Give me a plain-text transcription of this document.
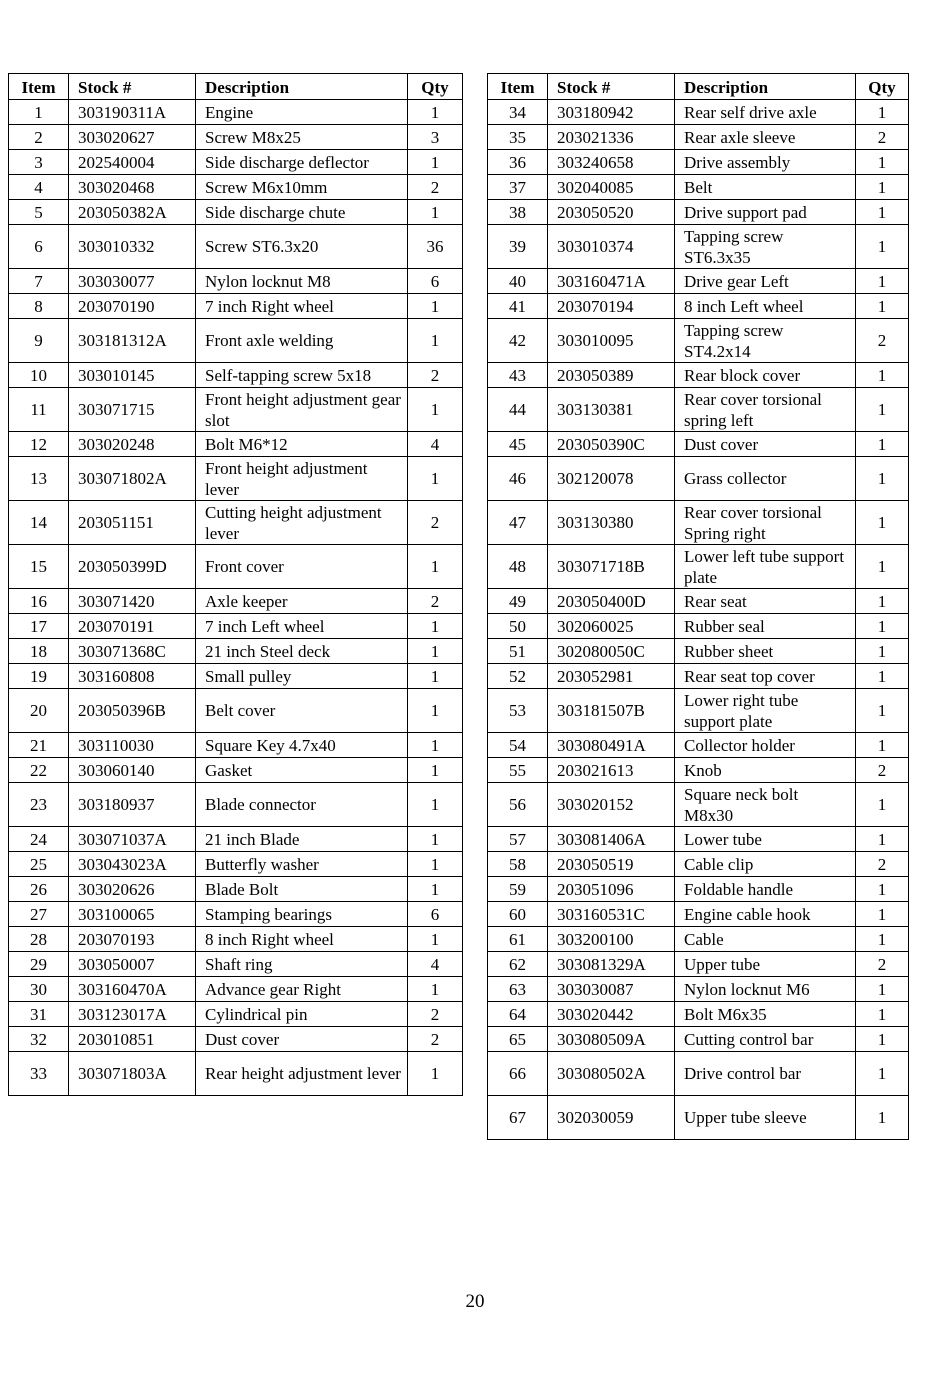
Item	Stock #	Description	Qty
1	303190311A	Engine	1
2	303020627	Screw M8x25	3
3	202540004	Side discharge deflector	1
4	303020468	Screw M6x10mm	2
5	203050382A	Side discharge chute	1
6	303010332	Screw ST6.3x20	36
7	303030077	Nylon locknut M8	6
8	203070190	7 inch Right wheel	1
9	303181312A	Front axle welding	1
10	303010145	Self-tapping screw 5x18	2
11	303071715	Front height adjustment gear slot	1
12	303020248	Bolt M6*12	4
13	303071802A	Front height adjustment lever	1
14	203051151	Cutting height adjustment lever	2
15	203050399D	Front cover	1
16	303071420	Axle keeper	2
17	203070191	7 inch Left wheel	1
18	303071368C	21 inch Steel deck	1
19	303160808	Small pulley	1
20	203050396B	Belt cover	1
21	303110030	Square Key 4.7x40	1
22	303060140	Gasket	1
23	303180937	Blade connector	1
24	303071037A	21 inch Blade	1
25	303043023A	Butterfly washer	1
26	303020626	Blade Bolt	1
27	303100065	Stamping bearings	6
28	203070193	8 inch Right wheel	1
29	303050007	Shaft ring	4
30	303160470A	Advance gear Right	1
31	303123017A	Cylindrical pin	2
32	203010851	Dust cover	2
33	303071803A	Rear height adjustment lever	1
Item	Stock #	Description	Qty
34	303180942	Rear self drive axle	1
35	203021336	Rear axle sleeve	2
36	303240658	Drive assembly	1
37	302040085	Belt	1
38	203050520	Drive support pad	1
39	303010374	Tapping screw ST6.3x35	1
40	303160471A	Drive gear Left	1
41	203070194	8 inch Left wheel	1
42	303010095	Tapping screw ST4.2x14	2
43	203050389	Rear block cover	1
44	303130381	Rear cover torsional spring left	1
45	203050390C	Dust cover	1
46	302120078	Grass collector	1
47	303130380	Rear cover torsional Spring right	1
48	303071718B	Lower left tube support plate	1
49	203050400D	Rear seat	1
50	302060025	Rubber seal	1
51	302080050C	Rubber sheet	1
52	203052981	Rear seat top cover	1
53	303181507B	Lower right tube support plate	1
54	303080491A	Collector holder	1
55	203021613	Knob	2
56	303020152	Square neck bolt M8x30	1
57	303081406A	Lower tube	1
58	203050519	Cable clip	2
59	203051096	Foldable handle	1
60	303160531C	Engine cable hook	1
61	303200100	Cable	1
62	303081329A	Upper tube	2
63	303030087	Nylon locknut M6	1
64	303020442	Bolt M6x35	1
65	303080509A	Cutting control bar	1
66	303080502A	Drive control bar	1
67	302030059	Upper tube sleeve	1
20
